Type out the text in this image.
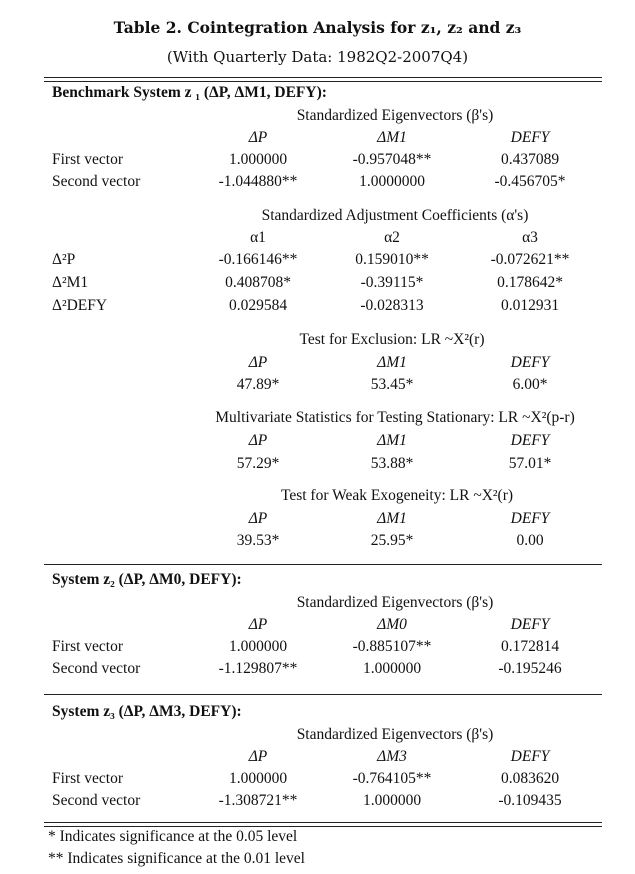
Table 2. Cointegration Analysis for z₁, z₂ and z₃
(With Quarterly Data: 1982Q2-2007Q4)
Benchmark System z ₁ (ΔP, ΔM1, DEFY):
Standardized Eigenvectors (β's)
ΔP	ΔM1	DEFY
First vector	1.000000	-0.957048**	0.437089
Second vector	-1.044880**	1.0000000	-0.456705*
Standardized Adjustment Coefficients (α's)
α1	α2	α3
Δ²P	-0.166146**	0.159010**	-0.072621**
Δ²M1	0.408708*	-0.39115*	0.178642*
Δ²DEFY	0.029584	-0.028313	0.012931
Test for Exclusion: LR ~X²(r)
ΔP	ΔM1	DEFY
47.89*	53.45*	6.00*
Multivariate Statistics for Testing Stationary: LR ~X²(p-r)
ΔP	ΔM1	DEFY
57.29*	53.88*	57.01*
Test for Weak Exogeneity: LR ~X²(r)
ΔP	ΔM1	DEFY
39.53*	25.95*	0.00
System z₂ (ΔP, ΔM0, DEFY):
Standardized Eigenvectors (β's)
ΔP	ΔM0	DEFY
First vector	1.000000	-0.885107**	0.172814
Second vector	-1.129807**	1.000000	-0.195246
System z₃ (ΔP, ΔM3, DEFY):
Standardized Eigenvectors (β's)
ΔP	ΔM3	DEFY
First vector	1.000000	-0.764105**	0.083620
Second vector	-1.308721**	1.000000	-0.109435
* Indicates significance at the 0.05 level
** Indicates significance at the 0.01 level
